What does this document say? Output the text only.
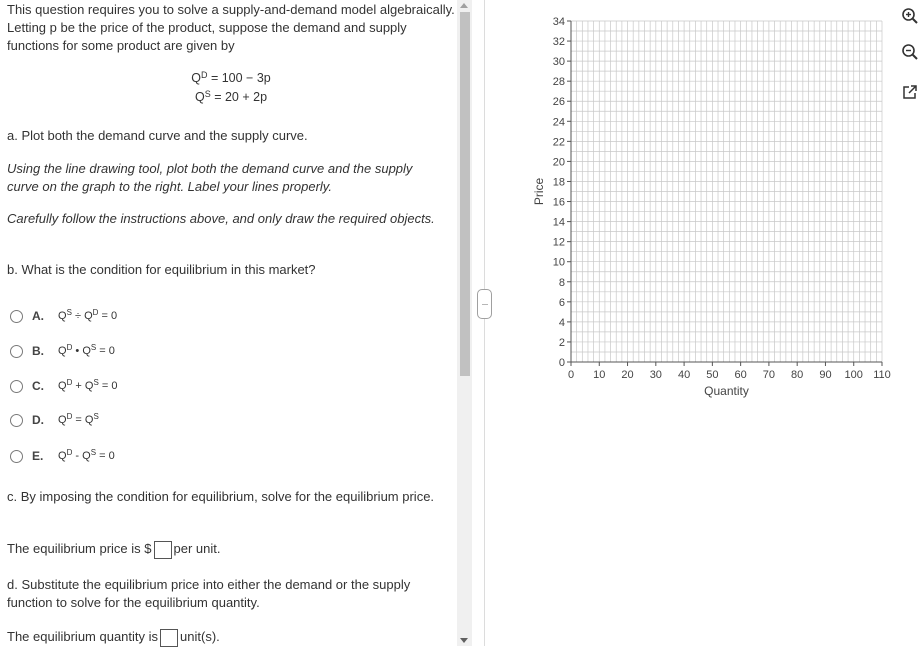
This question requires you to solve a supply-and-demand model algebraically. Letting p be the price of the product, suppose the demand and supply functions for some product are given by
$Q^D = 100 - 3p$
$Q^S = 20 + 2p$
a. Plot both the demand curve and the supply curve.
Using the line drawing tool, plot both the demand curve and the supply curve on the graph to the right. Label your lines properly.
Carefully follow the instructions above, and only draw the required objects.
b. What is the condition for equilibrium in this market?
A.	$Q^S \div Q^D = 0$
B.	$Q^D$ • $Q^S = 0$
C.	$Q^D + Q^S = 0$
D.	$Q^D = Q^S$
E.	$Q^D - Q^S = 0$
c. By imposing the condition for equilibrium, solve for the equilibrium price.
The equilibrium price is $ per unit.
d. Substitute the equilibrium price into either the demand or the supply function to solve for the equilibrium quantity.
The equilibrium quantity is unit(s).
···
0
2
4
6
8
10
12
14
16
18
20
22
24
26
28
30
32
34
0 10 20 30 40 50 60 70 80 90 100 110
Quantity
Price
